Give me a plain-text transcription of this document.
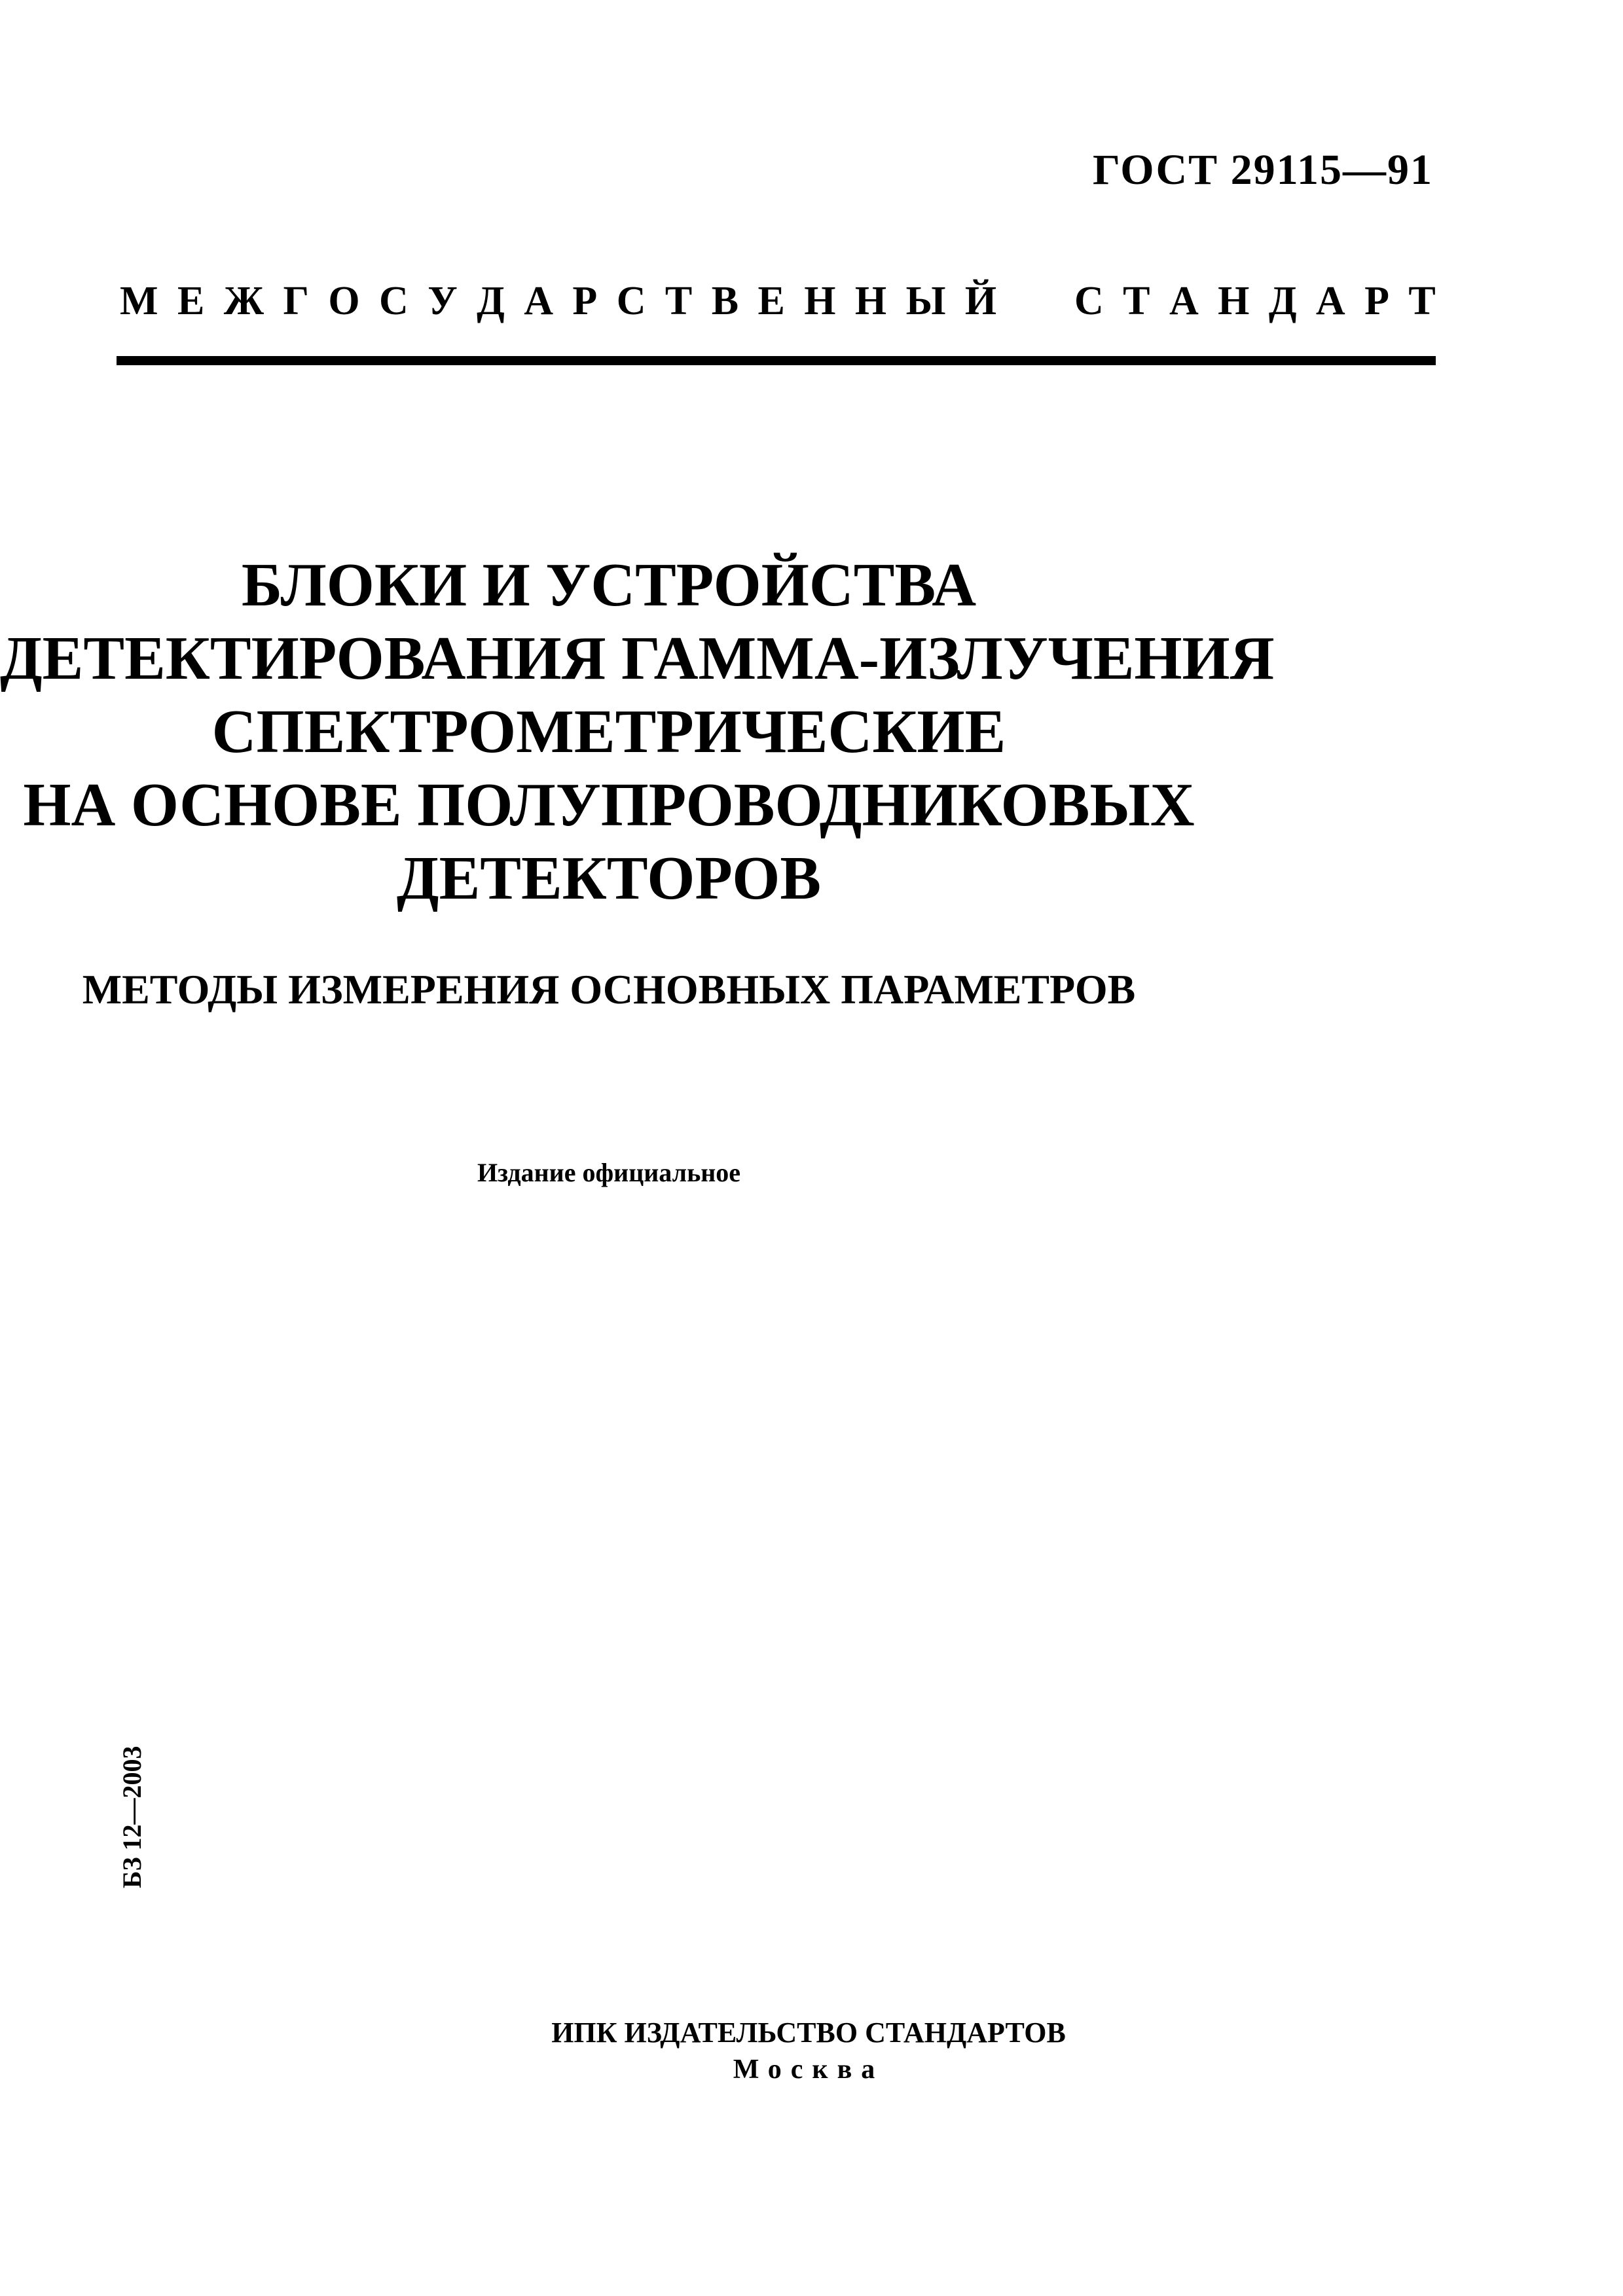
ГОСТ 29115—91
М Е Ж Г О С У Д А Р С Т В Е Н Н Ы Й С Т А Н Д А Р Т
БЛОКИ И УСТРОЙСТВА
ДЕТЕКТИРОВАНИЯ ГАММА-ИЗЛУЧЕНИЯ
СПЕКТРОМЕТРИЧЕСКИЕ
НА ОСНОВЕ ПОЛУПРОВОДНИКОВЫХ
ДЕТЕКТОРОВ
МЕТОДЫ ИЗМЕРЕНИЯ ОСНОВНЫХ ПАРАМЕТРОВ
Издание официальное
БЗ 12—2003
ИПК ИЗДАТЕЛЬСТВО СТАНДАРТОВ
Москва
